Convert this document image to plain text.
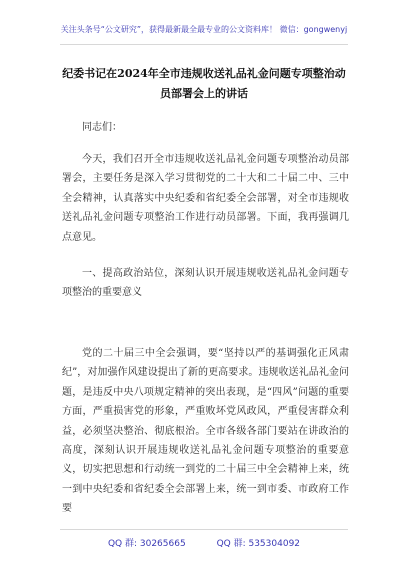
关注头条号“公文研究”，获得最新最全最专业的公文资料库！ 微信：gongwenyj
纪委书记在2024年全市违规收送礼品礼金问题专项整治动
员部署会上的讲话

同志们：

今天，我们召开全市违规收送礼品礼金问题专项整治动员部署会，主要任务是深入学习贯彻党的二十大和二十届二中、三中全会精神，认真落实中央纪委和省纪委全会部署，对全市违规收送礼品礼金问题专项整治工作进行动员部署。下面，我再强调几点意见。

一、提高政治站位，深刻认识开展违规收送礼品礼金问题专项整治的重要意义

党的二十届三中全会强调，要“坚持以严的基调强化正风肃纪”，对加强作风建设提出了新的更高要求。违规收送礼品礼金问题，是违反中央八项规定精神的突出表现，是“四风”问题的重要方面，严重损害党的形象，严重败坏党风政风，严重侵害群众利益，必须坚决整治、彻底根治。全市各级各部门要站在讲政治的高度，深刻认识开展违规收送礼品礼金问题专项整治的重要意义，切实把思想和行动统一到党的二十届三中全会精神上来，统一到中央纪委和省纪委全会部署上来，统一到市委、市政府工作要

QQ 群: 30265665	QQ 群: 535304092
